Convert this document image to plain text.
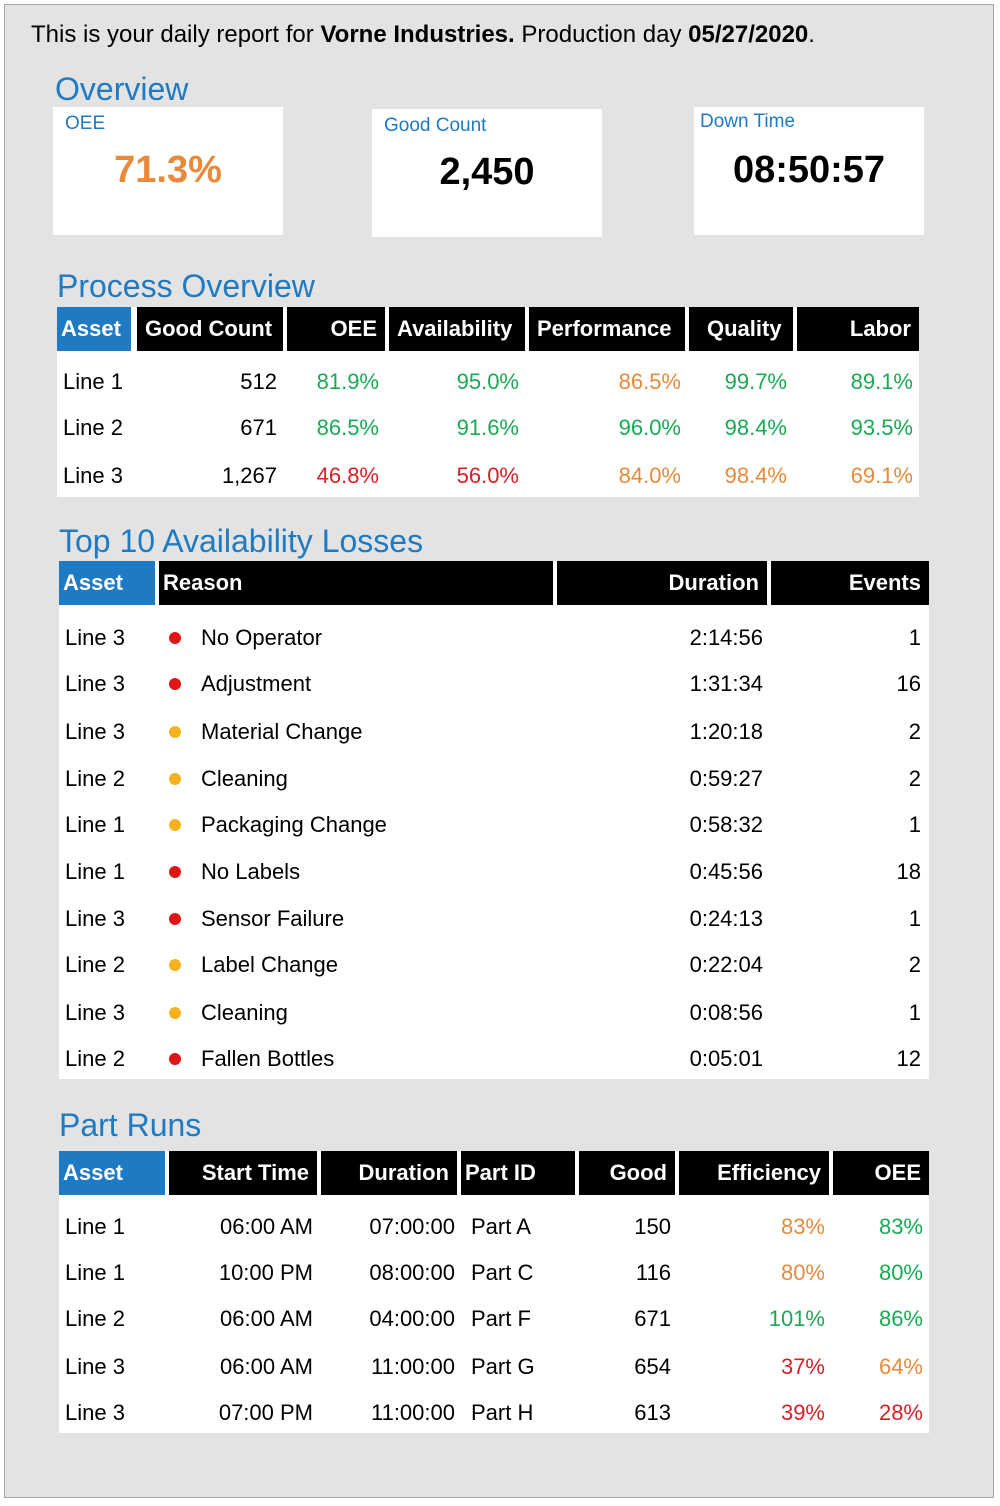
This is your daily report for Vorne Industries. Production day 05/27/2020.
Overview
OEE
71.3%
Good Count
2,450
Down Time
08:50:57
Process Overview
Asset	Good Count	OEE Availability	Performance	Quality	Labor
Line 1	512 81.9%	95.0%	86.5% 99.7%	89.1%
Line 2	671 86.5%	91.6%	96.0% 98.4%	93.5%
Line 3	1,267 46.8%	56.0%	84.0% 98.4%	69.1%
Top 10 Availability Losses
Asset	Reason	Duration	Events
Line 3	No Operator	2:14:56	1
Line 3	Adjustment	1:31:34	16
Line 3	Material Change	1:20:18	2
Line 2	Cleaning	0:59:27	2
Line 1	Packaging Change	0:58:32	1
Line 1	No Labels	0:45:56	18
Line 3	Sensor Failure	0:24:13	1
Line 2	Label Change	0:22:04	2
Line 3	Cleaning	0:08:56	1
Line 2	Fallen Bottles	0:05:01	12
Part Runs
Asset	Start Time	Duration Part ID	Good	Efficiency	OEE
Line 1	06:00 AM	07:00:00 Part A	150	83% 83%
Line 1	10:00 PM	08:00:00 Part C	116	80% 80%
Line 2	06:00 AM	04:00:00 Part F	671	101% 86%
Line 3	06:00 AM	11:00:00 Part G	654	37% 64%
Line 3	07:00 PM	11:00:00 Part H	613	39% 28%
